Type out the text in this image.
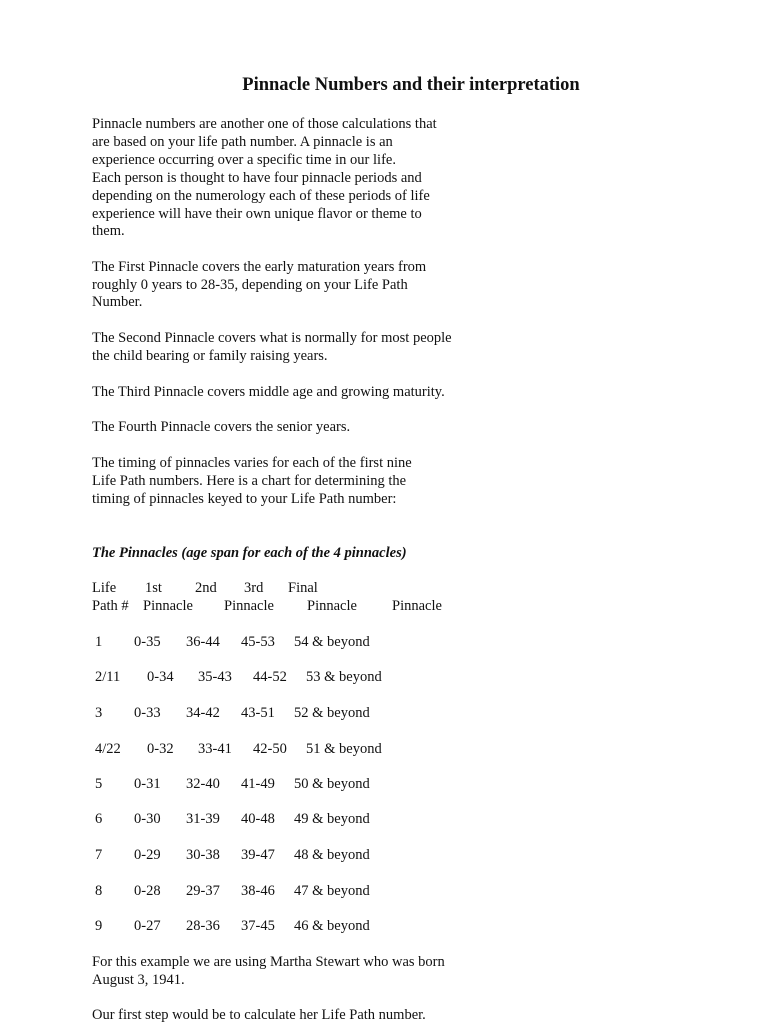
Pinnacle Numbers and their interpretation
Pinnacle numbers are another one of those calculations that
are based on your life path number. A pinnacle is an
experience occurring over a specific time in our life.
Each person is thought to have four pinnacle periods and
depending on the numerology each of these periods of life
experience will have their own unique flavor or theme to
them.
The First Pinnacle covers the early maturation years from
roughly 0 years to 28-35, depending on your Life Path
Number.
The Second Pinnacle covers what is normally for most people
the child bearing or family raising years.
The Third Pinnacle covers middle age and growing maturity.
The Fourth Pinnacle covers the senior years.
The timing of pinnacles varies for each of the first nine
Life Path numbers. Here is a chart for determining the
timing of pinnacles keyed to your Life Path number:
The Pinnacles (age span for each of the 4 pinnacles)
Life 1st 2nd 3rd Final
Path # Pinnacle Pinnacle Pinnacle Pinnacle
1 0-35 36-44 45-53 54 & beyond
2/11 0-34 35-43 44-52 53 & beyond
3 0-33 34-42 43-51 52 & beyond
4/22 0-32 33-41 42-50 51 & beyond
5 0-31 32-40 41-49 50 & beyond
6 0-30 31-39 40-48 49 & beyond
7 0-29 30-38 39-47 48 & beyond
8 0-28 29-37 38-46 47 & beyond
9 0-27 28-36 37-45 46 & beyond
For this example we are using Martha Stewart who was born
August 3, 1941.
Our first step would be to calculate her Life Path number.
